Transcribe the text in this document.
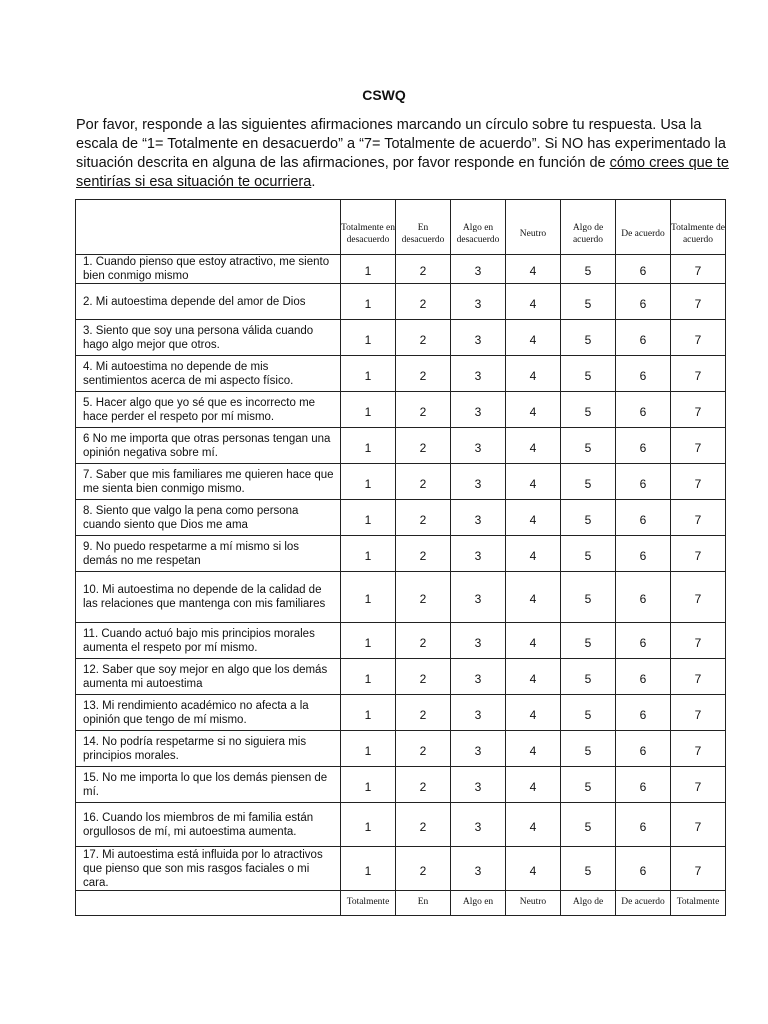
CSWQ
Por favor, responde a las siguientes afirmaciones marcando un círculo sobre tu respuesta. Usa la escala de “1= Totalmente en desacuerdo” a “7= Totalmente de acuerdo”. Si NO has experimentado la situación descrita en alguna de las afirmaciones, por favor responde en función de cómo crees que te sentirías si esa situación te ocurriera.
	Totalmente en desacuerdo	En desacuerdo	Algo en desacuerdo	Neutro	Algo de acuerdo	De acuerdo	Totalmente de acuerdo
1. Cuando pienso que estoy atractivo, me siento bien conmigo mismo	1	2	3	4	5	6	7
2. Mi autoestima depende del amor de Dios	1	2	3	4	5	6	7
3. Siento que soy una persona válida cuando hago algo mejor que otros.	1	2	3	4	5	6	7
4. Mi autoestima no depende de mis sentimientos acerca de mi aspecto físico.	1	2	3	4	5	6	7
5. Hacer algo que yo sé que es incorrecto me hace perder el respeto por mí mismo.	1	2	3	4	5	6	7
6 No me importa que otras personas tengan una opinión negativa sobre mí.	1	2	3	4	5	6	7
7. Saber que mis familiares me quieren hace que me sienta bien conmigo mismo.	1	2	3	4	5	6	7
8. Siento que valgo la pena como persona cuando siento que Dios me ama	1	2	3	4	5	6	7
9. No puedo respetarme a mí mismo si los demás no me respetan	1	2	3	4	5	6	7
10. Mi autoestima no depende de la calidad de las relaciones que mantenga con mis familiares	1	2	3	4	5	6	7
11. Cuando actuó bajo mis principios morales aumenta el respeto por mí mismo.	1	2	3	4	5	6	7
12. Saber que soy mejor en algo que los demás aumenta mi autoestima	1	2	3	4	5	6	7
13. Mi rendimiento académico no afecta a la opinión que tengo de mí mismo.	1	2	3	4	5	6	7
14. No podría respetarme si no siguiera mis principios morales.	1	2	3	4	5	6	7
15. No me importa lo que los demás piensen de mí.	1	2	3	4	5	6	7
16. Cuando los miembros de mi familia están orgullosos de mí, mi autoestima aumenta.	1	2	3	4	5	6	7
17. Mi autoestima está influida por lo atractivos que pienso que son mis rasgos faciales o mi cara.	1	2	3	4	5	6	7
	Totalmente	En	Algo en	Neutro	Algo de	De acuerdo	Totalmente
